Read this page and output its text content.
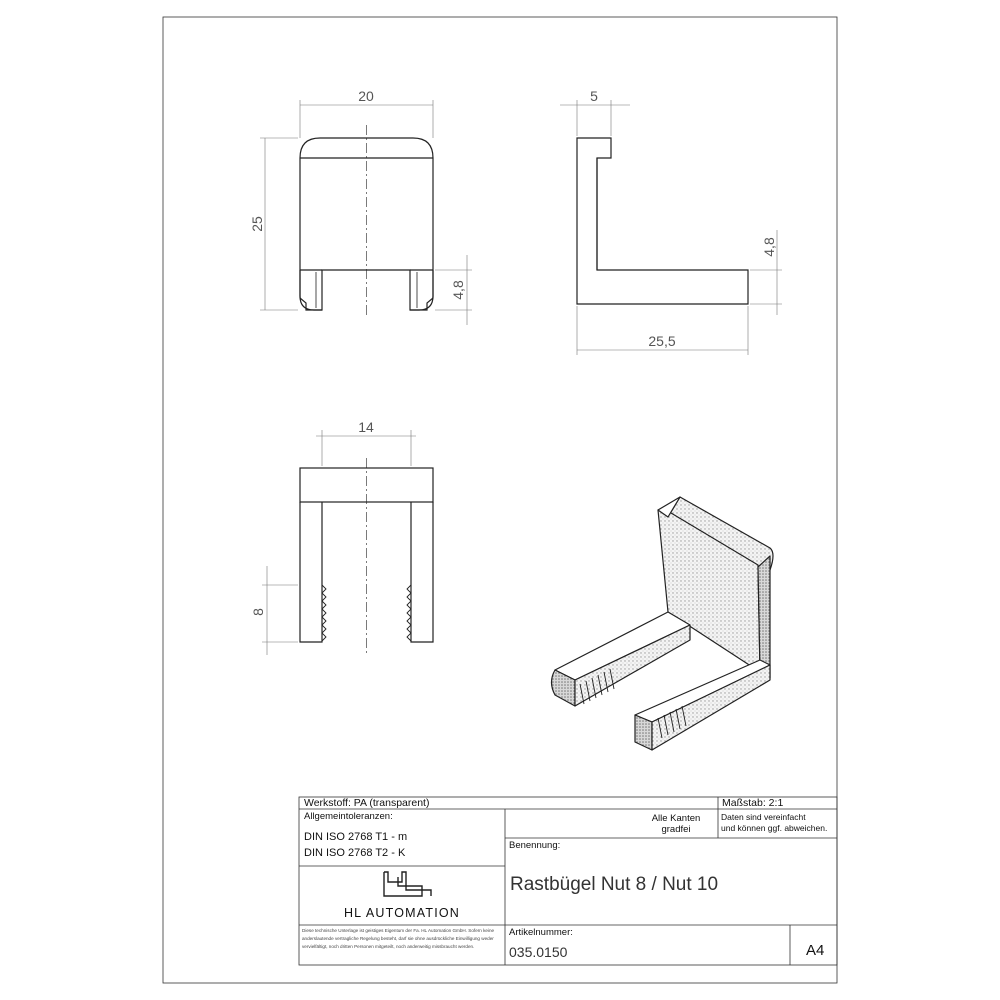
20
25
4,8
5
4,8
25,5
14
8
Werkstoff: PA (transparent)	Maßstab: 2:1
Allgemeintoleranzen:
DIN ISO 2768 T1 - m
DIN ISO 2768 T2 - K
Alle Kanten
gradfei
Daten sind vereinfacht
und können ggf. abweichen.
Benennung:
Rastbügel Nut 8 / Nut 10
HL AUTOMATION
Diese technische Unterlage ist geistiges Eigentum der Fa. HL Automation GmbH. Sofern keine anderslautende vertragliche Regelung besteht, darf sie ohne ausdrückliche Einwilligung weder vervielfältigt, noch dritten Personen mitgeteilt, noch anderweitig missbraucht werden.
Artikelnummer:
035.0150	A4
